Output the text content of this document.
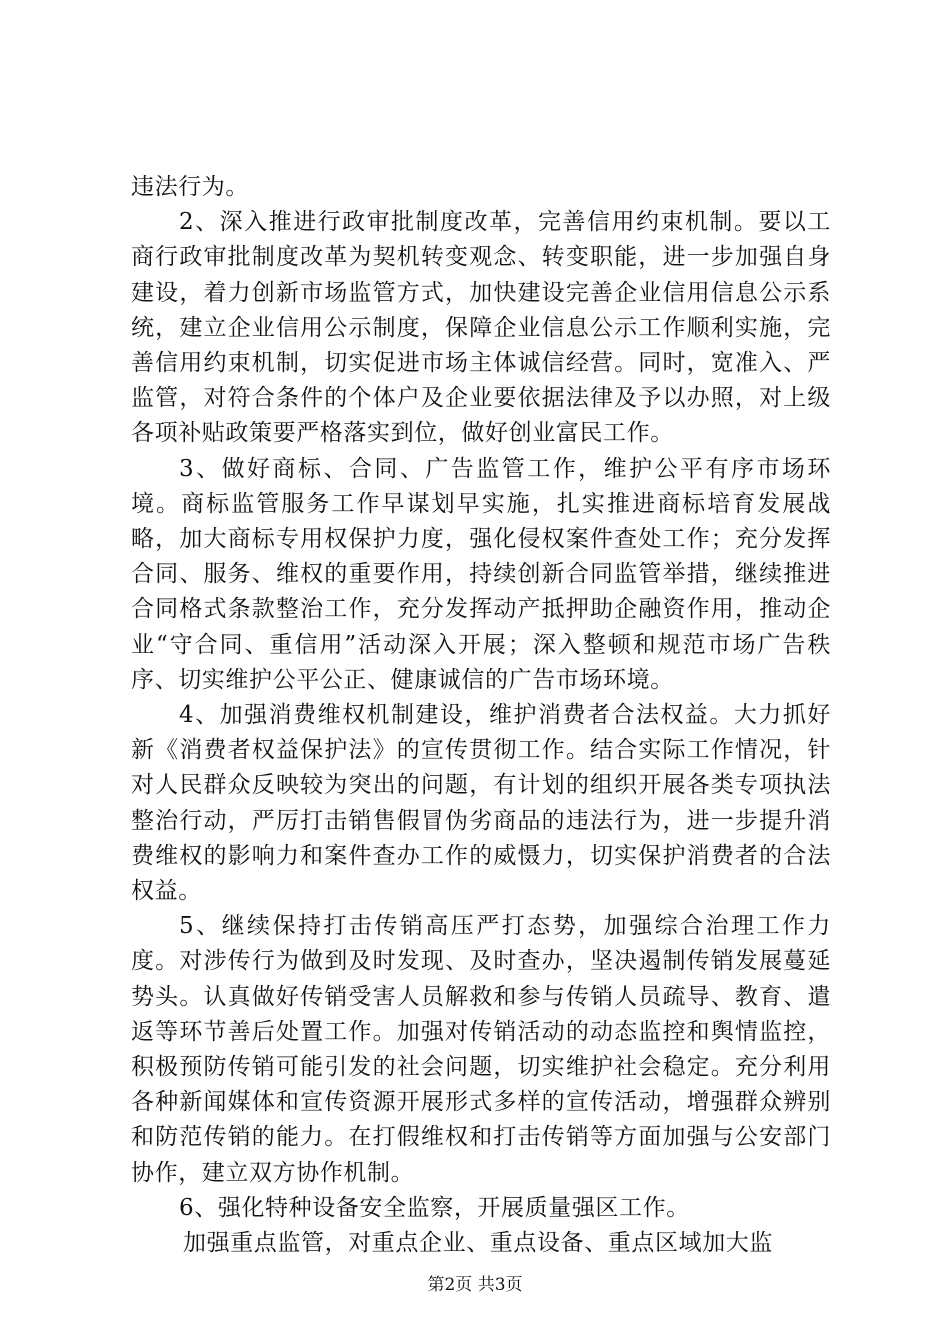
违法行为。

2、深入推进行政审批制度改革，完善信用约束机制。要以工商行政审批制度改革为契机转变观念、转变职能，进一步加强自身建设，着力创新市场监管方式，加快建设完善企业信用信息公示系统，建立企业信用公示制度，保障企业信息公示工作顺利实施，完善信用约束机制，切实促进市场主体诚信经营。同时，宽准入、严监管，对符合条件的个体户及企业要依据法律及予以办照，对上级各项补贴政策要严格落实到位，做好创业富民工作。

3、做好商标、合同、广告监管工作，维护公平有序市场环境。商标监管服务工作早谋划早实施，扎实推进商标培育发展战略，加大商标专用权保护力度，强化侵权案件查处工作；充分发挥合同、服务、维权的重要作用，持续创新合同监管举措，继续推进合同格式条款整治工作，充分发挥动产抵押助企融资作用，推动企业“守合同、重信用”活动深入开展；深入整顿和规范市场广告秩序、切实维护公平公正、健康诚信的广告市场环境。

4、加强消费维权机制建设，维护消费者合法权益。大力抓好新《消费者权益保护法》的宣传贯彻工作。结合实际工作情况，针对人民群众反映较为突出的问题，有计划的组织开展各类专项执法整治行动，严厉打击销售假冒伪劣商品的违法行为，进一步提升消费维权的影响力和案件查办工作的威慑力，切实保护消费者的合法权益。

5、继续保持打击传销高压严打态势，加强综合治理工作力度。对涉传行为做到及时发现、及时查办，坚决遏制传销发展蔓延势头。认真做好传销受害人员解救和参与传销人员疏导、教育、遣返等环节善后处置工作。加强对传销活动的动态监控和舆情监控，积极预防传销可能引发的社会问题，切实维护社会稳定。充分利用各种新闻媒体和宣传资源开展形式多样的宣传活动，增强群众辨别和防范传销的能力。在打假维权和打击传销等方面加强与公安部门协作，建立双方协作机制。

6、强化特种设备安全监察，开展质量强区工作。

加强重点监管，对重点企业、重点设备、重点区域加大监

第2页 共3页
